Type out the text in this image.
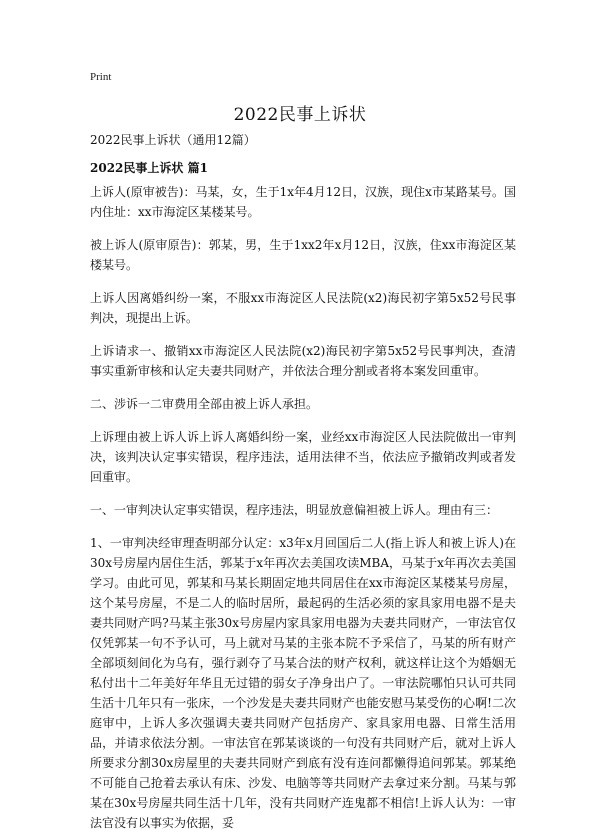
Print
2022民事上诉状
2022民事上诉状（通用12篇）
2022民事上诉状 篇1

上诉人(原审被告)：马某，女，生于1x年4月12日，汉族，现住x市某路某号。国内住址：xx市海淀区某楼某号。

被上诉人(原审原告)：郭某，男，生于1xx2年x月12日，汉族，住xx市海淀区某楼某号。

上诉人因离婚纠纷一案，不服xx市海淀区人民法院(x2)海民初字第5x52号民事判决，现提出上诉。

上诉请求一、撤销xx市海淀区人民法院(x2)海民初字第5x52号民事判决，查清事实重新审核和认定夫妻共同财产，并依法合理分割或者将本案发回重审。

二、涉诉一二审费用全部由被上诉人承担。

上诉理由被上诉人诉上诉人离婚纠纷一案，业经xx市海淀区人民法院做出一审判决，该判决认定事实错误，程序违法，适用法律不当，依法应予撤销改判或者发回重审。

一、一审判决认定事实错误，程序违法，明显放意偏袒被上诉人。理由有三：

1、一审判决经审理查明部分认定：x3年x月回国后二人(指上诉人和被上诉人)在30x号房屋内居住生活，郭某于x年再次去美国攻读MBA，马某于x年再次去美国学习。由此可见，郭某和马某长期固定地共同居住在xx市海淀区某楼某号房屋，这个某号房屋，不是二人的临时居所，最起码的生活必须的家具家用电器不是夫妻共同财产吗?马某主张30x号房屋内家具家用电器为夫妻共同财产，一审法官仅仅凭郭某一句不予认可，马上就对马某的主张本院不予采信了，马某的所有财产全部顷刻间化为乌有，强行剥夺了马某合法的财产权利，就这样让这个为婚姻无私付出十二年美好年华且无过错的弱女子净身出户了。一审法院哪怕只认可共同生活十几年只有一张床，一个沙发是夫妻共同财产也能安慰马某受伤的心啊!二次庭审中，上诉人多次强调夫妻共同财产包括房产、家具家用电器、日常生活用品，并请求依法分割。一审法官在郭某谈谈的一句没有共同财产后，就对上诉人所要求分割30x房屋里的夫妻共同财产到底有没有连问都懒得追问郭某。郭某绝不可能自己抢着去承认有床、沙发、电脑等等共同财产去拿过来分割。马某与郭某在30x号房屋共同生活十几年，没有共同财产连鬼都不相信!上诉人认为：一审法官没有以事实为依据，妥
